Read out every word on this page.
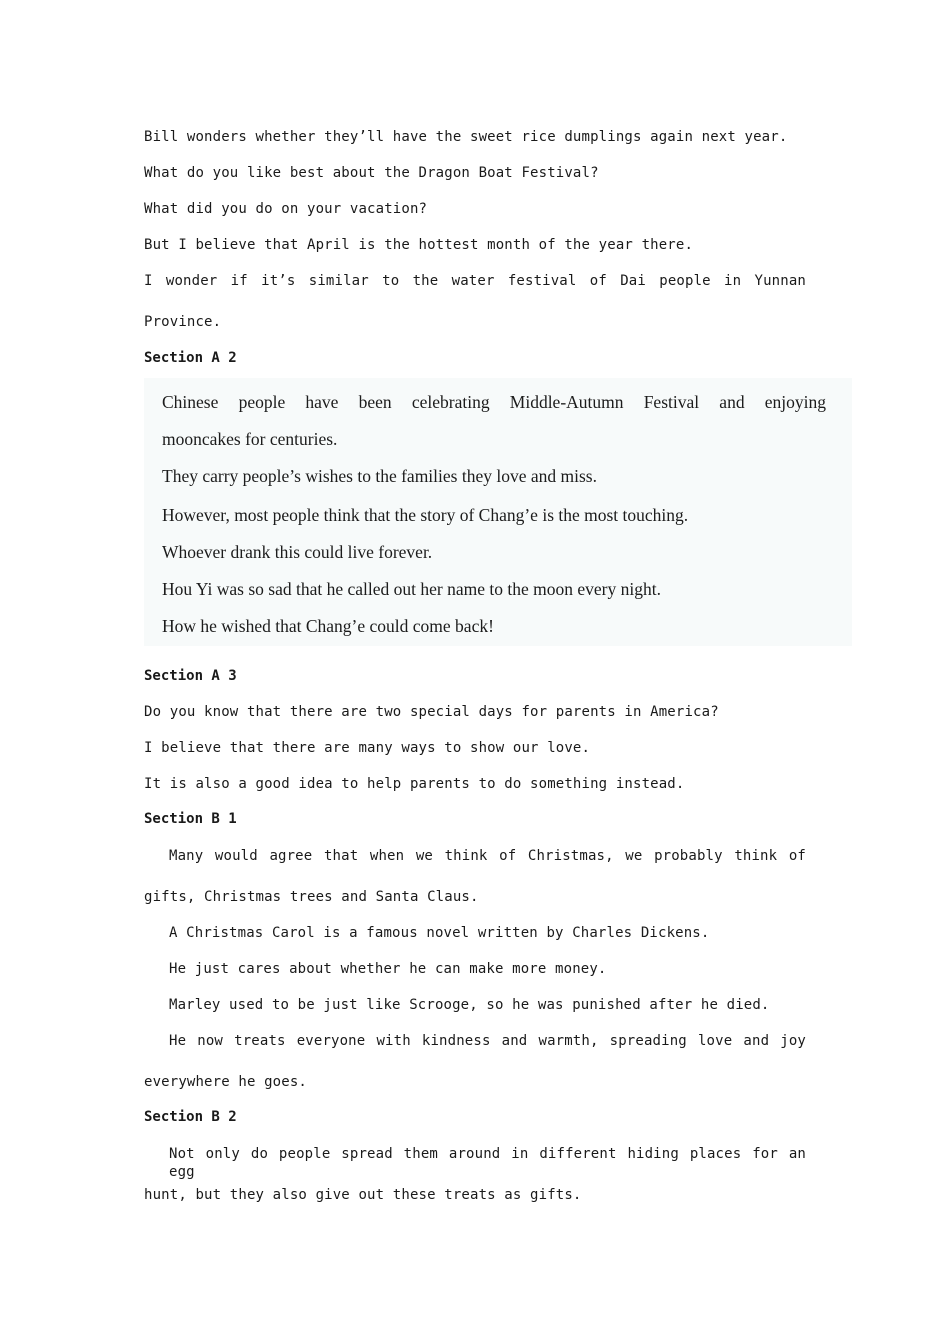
Bill wonders whether they’ll have the sweet rice dumplings again next year.
What do you like best about the Dragon Boat Festival?
What did you do on your vacation?
But I believe that April is the hottest month of the year there.
I wonder if it’s similar to the water festival of Dai people in Yunnan
Province.
Section A 2
Chinese people have been celebrating Middle-Autumn Festival and enjoying
mooncakes for centuries.
They carry people’s wishes to the families they love and miss.
However, most people think that the story of Chang’e is the most touching.
Whoever drank this could live forever.
Hou Yi was so sad that he called out her name to the moon every night.
How he wished that Chang’e could come back!
Section A 3
Do you know that there are two special days for parents in America?
I believe that there are many ways to show our love.
It is also a good idea to help parents to do something instead.
Section B 1
Many would agree that when we think of Christmas, we probably think of
gifts, Christmas trees and Santa Claus.
A Christmas Carol is a famous novel written by Charles Dickens.
He just cares about whether he can make more money.
Marley used to be just like Scrooge, so he was punished after he died.
He now treats everyone with kindness and warmth, spreading love and joy
everywhere he goes.
Section B 2
Not only do people spread them around in different hiding places for an egg
hunt, but they also give out these treats as gifts.
